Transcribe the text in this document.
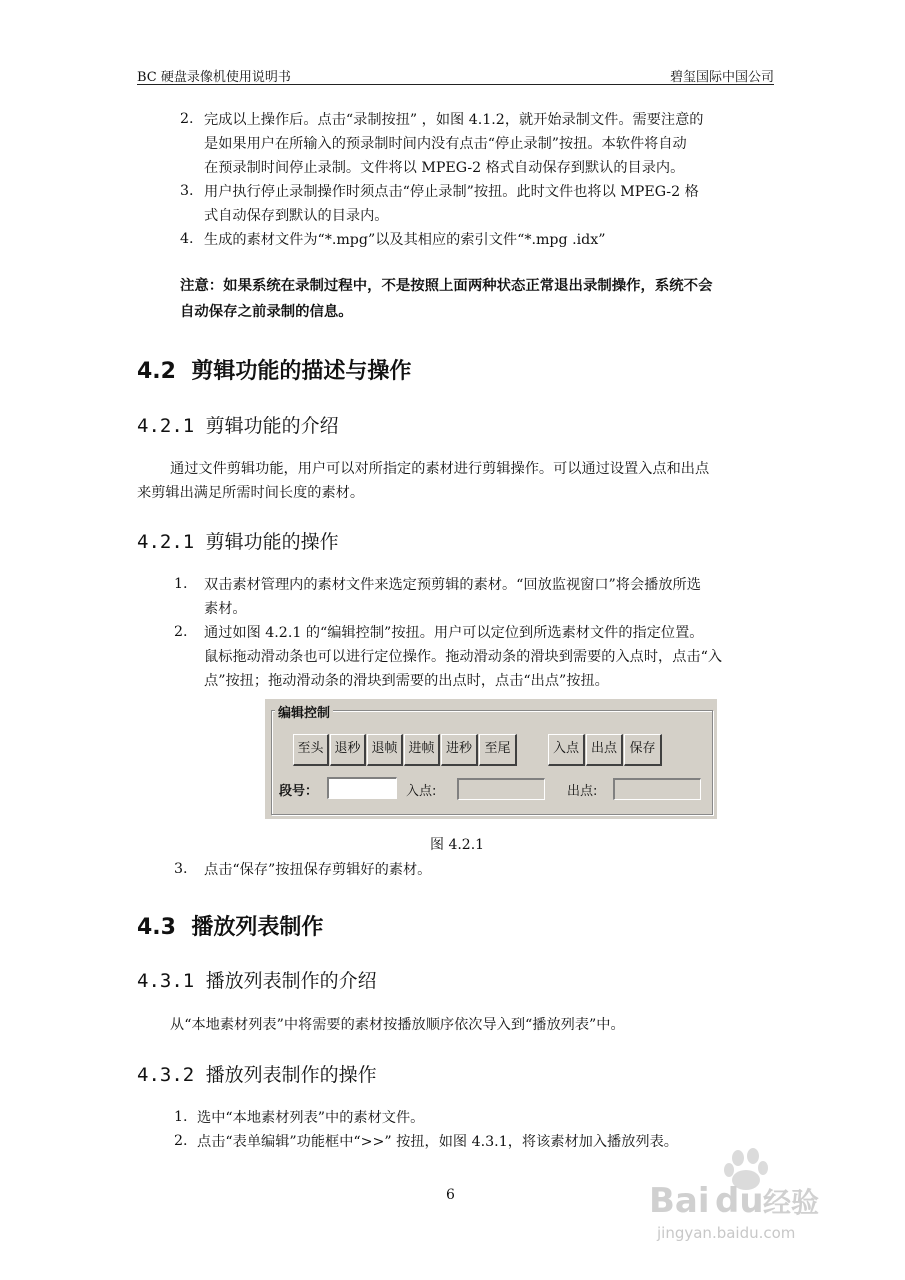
BC 硬盘录像机使用说明书	碧玺国际中国公司
2. 完成以上操作后。点击“录制按扭” ，如图 4.1.2，就开始录制文件。需要注意的
是如果用户在所输入的预录制时间内没有点击“停止录制”按扭。本软件将自动
在预录制时间停止录制。文件将以 MPEG-2 格式自动保存到默认的目录内。
3. 用户执行停止录制操作时须点击“停止录制”按扭。此时文件也将以 MPEG-2 格
式自动保存到默认的目录内。
4. 生成的素材文件为“*.mpg”以及其相应的索引文件“*.mpg .idx”
注意：如果系统在录制过程中，不是按照上面两种状态正常退出录制操作，系统不会
自动保存之前录制的信息。
4.2 剪辑功能的描述与操作
4.2.1 剪辑功能的介绍
通过文件剪辑功能，用户可以对所指定的素材进行剪辑操作。可以通过设置入点和出点
来剪辑出满足所需时间长度的素材。
4.2.1 剪辑功能的操作
1. 双击素材管理内的素材文件来选定预剪辑的素材。“回放监视窗口”将会播放所选
素材。
2. 通过如图 4.2.1 的“编辑控制”按扭。用户可以定位到所选素材文件的指定位置。
鼠标拖动滑动条也可以进行定位操作。拖动滑动条的滑块到需要的入点时，点击“入
点”按扭；拖动滑动条的滑块到需要的出点时，点击“出点”按扭。
编辑控制
至头 退秒 退帧 进帧 进秒 至尾	入点 出点 保存
段号：	入点:	出点:
图 4.2.1
3. 点击“保存”按扭保存剪辑好的素材。
4.3 播放列表制作
4.3.1 播放列表制作的介绍
从“本地素材列表”中将需要的素材按播放顺序依次导入到“播放列表”中。
4.3.2 播放列表制作的操作
1. 选中“本地素材列表”中的素材文件。
2. 点击“表单编辑”功能框中“>>” 按扭，如图 4.3.1，将该素材加入播放列表。
6	Bai du 经验
jingyan.baidu.com
